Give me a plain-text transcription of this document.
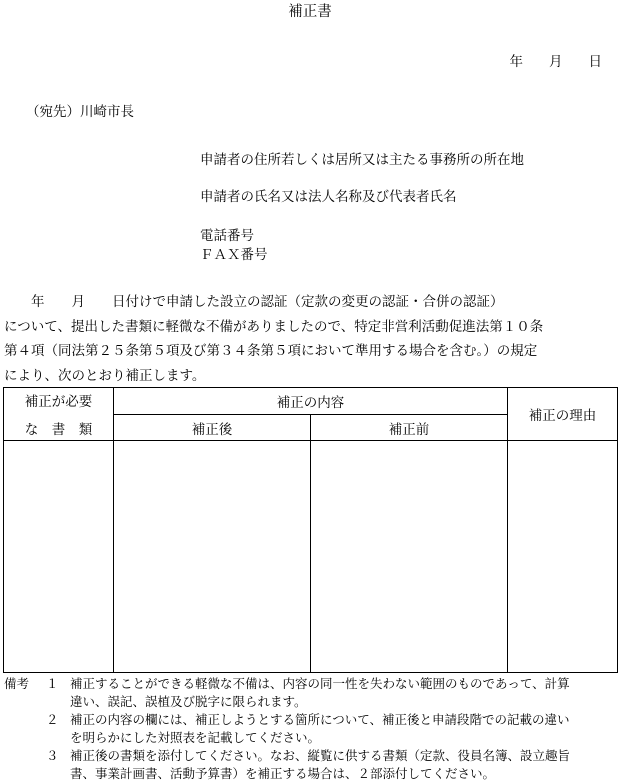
補正書
年 月 日
（宛先）川崎市長
申請者の住所若しくは居所又は主たる事務所の所在地
申請者の氏名又は法人名称及び代表者氏名
電話番号
ＦＡＸ番号
　　年　　月　　日付けで申請した設立の認証（定款の変更の認証・合併の認証）
について、提出した書類に軽微な不備がありましたので、特定非営利活動促進法第１０条
第４項（同法第２５条第５項及び第３４条第５項において準用する場合を含む。）の規定
により、次のとおり補正します。
補正が必要
な　書　類	補正の内容		補正の理由
	補正後	補正前	

備考 １ 補正することができる軽微な不備は、内容の同一性を失わない範囲のものであって、計算
違い、誤記、誤植及び脱字に限られます。
２ 補正の内容の欄には、補正しようとする箇所について、補正後と申請段階での記載の違い
を明らかにした対照表を記載してください。
３ 補正後の書類を添付してください。なお、縦覧に供する書類（定款、役員名簿、設立趣旨
書、事業計画書、活動予算書）を補正する場合は、２部添付してください。
